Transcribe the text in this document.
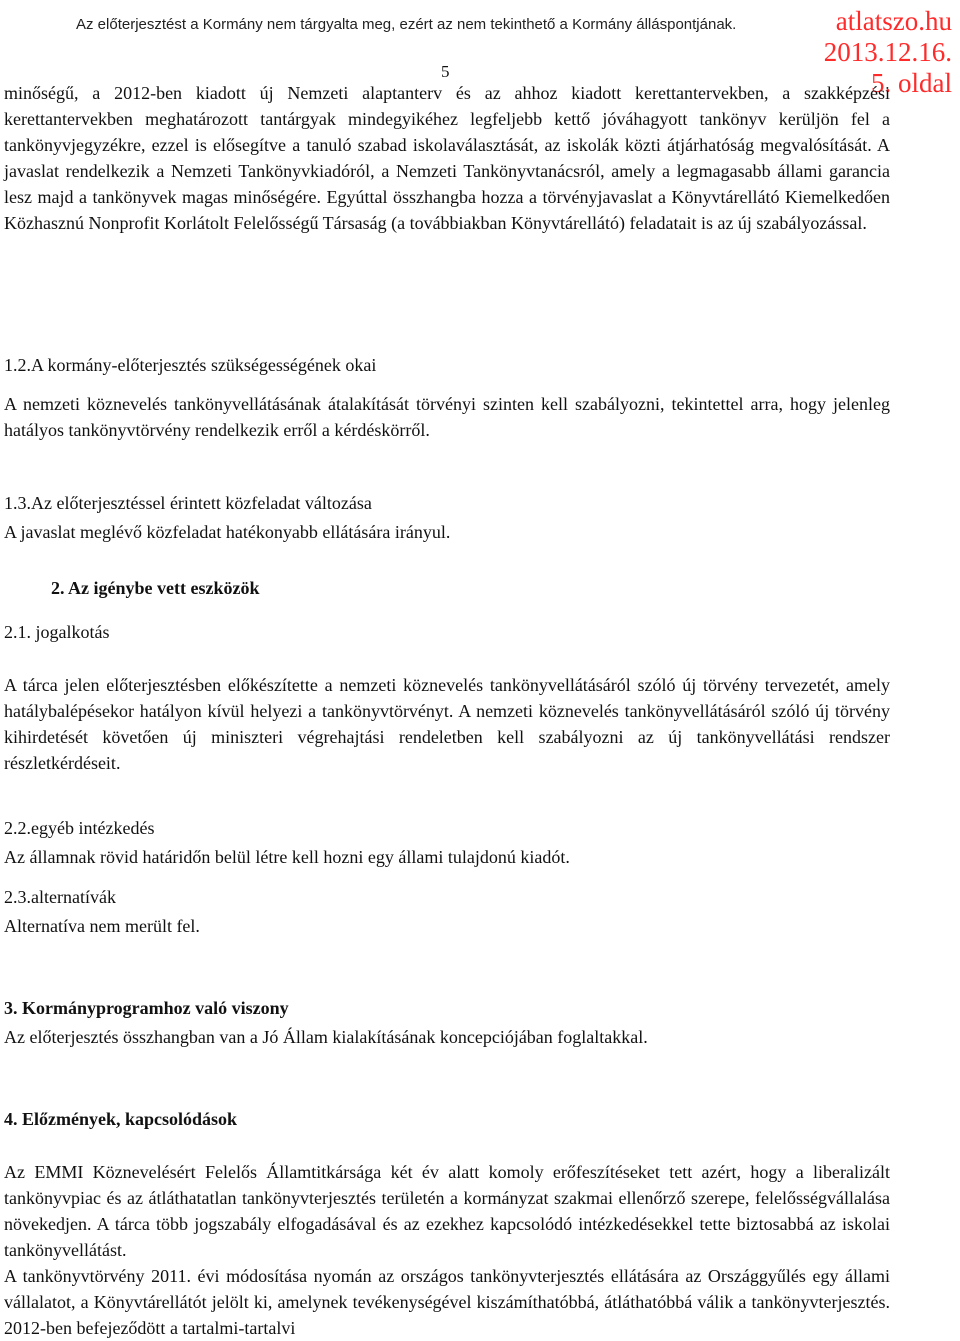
Az előterjesztést a Kormány nem tárgyalta meg, ezért az nem tekinthető a Kormány álláspontjának.	atlatszo.hu
2013.12.16.
5. oldal
5

minőségű, a 2012-ben kiadott új Nemzeti alaptanterv és az ahhoz kiadott kerettantervekben, a szakképzési kerettantervekben meghatározott tantárgyak mindegyikéhez legfeljebb kettő jóváhagyott tankönyv kerüljön fel a tankönyvjegyzékre, ezzel is elősegítve a tanuló szabad iskolaválasztását, az iskolák közti átjárhatóság megvalósítását. A javaslat rendelkezik a Nemzeti Tankönyvkiadóról, a Nemzeti Tankönyvtanácsról, amely a legmagasabb állami garancia lesz majd a tankönyvek magas minőségére. Egyúttal összhangba hozza a törvényjavaslat a Könyvtárellátó Kiemelkedően Közhasznú Nonprofit Korlátolt Felelősségű Társaság (a továbbiakban Könyvtárellátó) feladatait is az új szabályozással.

1.2.A kormány-előterjesztés szükségességének okai

A nemzeti köznevelés tankönyvellátásának átalakítását törvényi szinten kell szabályozni, tekintettel arra, hogy jelenleg hatályos tankönyvtörvény rendelkezik erről a kérdéskörről.

1.3.Az előterjesztéssel érintett közfeladat változása

A javaslat meglévő közfeladat hatékonyabb ellátására irányul.

2. Az igénybe vett eszközök
2.1. jogalkotás

A tárca jelen előterjesztésben előkészítette a nemzeti köznevelés tankönyvellátásáról szóló új törvény tervezetét, amely hatálybalépésekor hatályon kívül helyezi a tankönyvtörvényt. A nemzeti köznevelés tankönyvellátásáról szóló új törvény kihirdetését követően új miniszteri végrehajtási rendeletben kell szabályozni az új tankönyvellátási rendszer részletkérdéseit.

2.2.egyéb intézkedés

Az államnak rövid határidőn belül létre kell hozni egy állami tulajdonú kiadót.

2.3.alternatívák

Alternatíva nem merült fel.

3. Kormányprogramhoz való viszony

Az előterjesztés összhangban van a Jó Állam kialakításának koncepciójában foglaltakkal.

4. Előzmények, kapcsolódások

Az EMMI Köznevelésért Felelős Államtitkársága két év alatt komoly erőfeszítéseket tett azért, hogy a liberalizált tankönyvpiac és az átláthatatlan tankönyvterjesztés területén a kormányzat szakmai ellenőrző szerepe, felelősségvállalása növekedjen. A tárca több jogszabály elfogadásával és az ezekhez kapcsolódó intézkedésekkel tette biztosabbá az iskolai tankönyvellátást.

A tankönyvtörvény 2011. évi módosítása nyomán az országos tankönyvterjesztés ellátására az Országgyűlés egy állami vállalatot, a Könyvtárellátót jelölt ki, amelynek tevékenységével kiszámíthatóbbá, átláthatóbbá válik a tankönyvterjesztés. 2012-ben befejeződött a tartalmi-tartalvi
